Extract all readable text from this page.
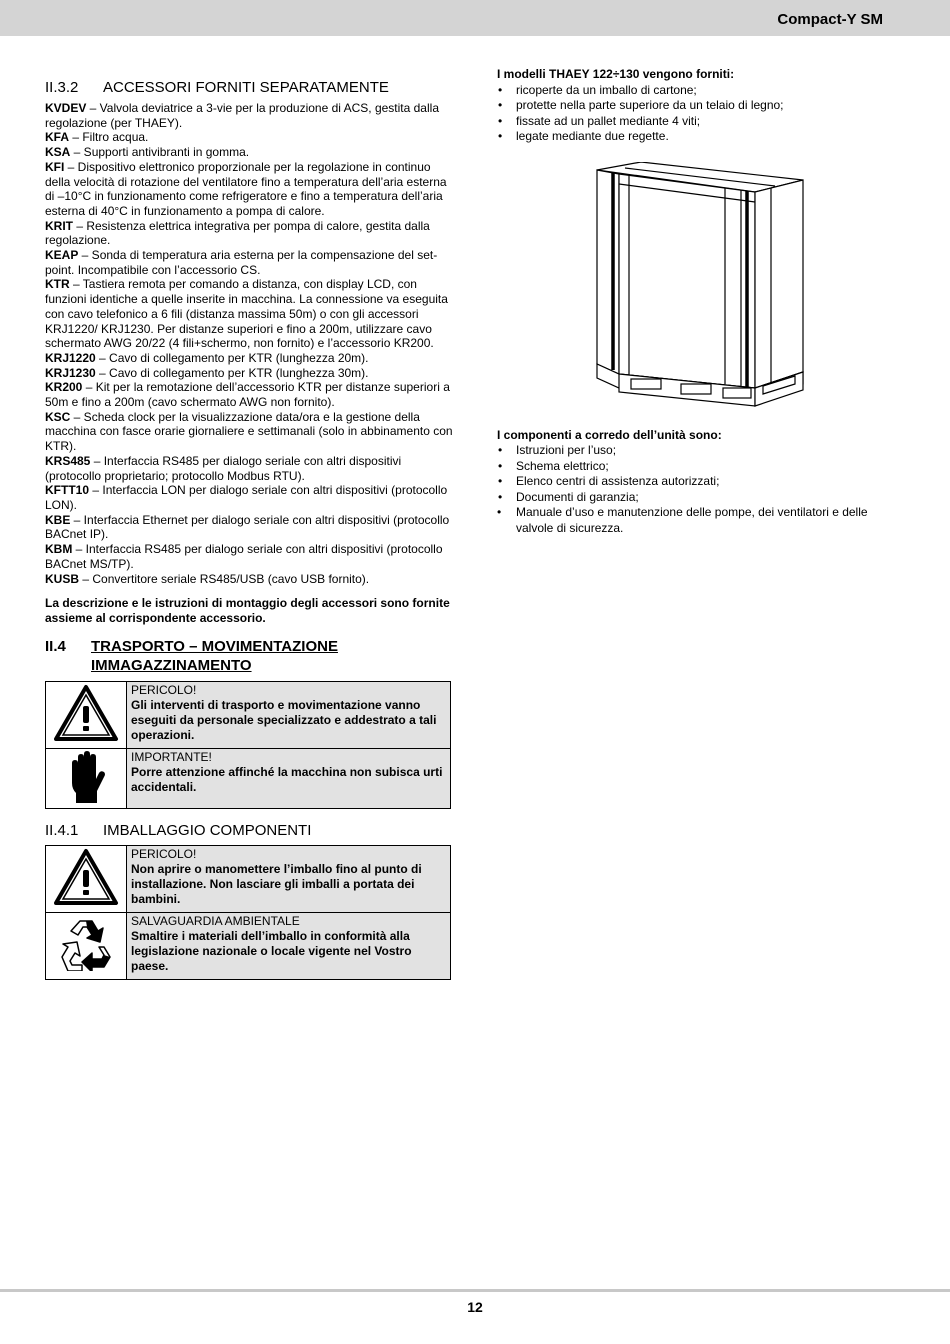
Compact-Y SM
II.3.2 ACCESSORI FORNITI SEPARATAMENTE

KVDEV – Valvola deviatrice a 3-vie per la produzione di ACS, gestita dalla regolazione (per THAEY).

KFA – Filtro acqua.

KSA – Supporti antivibranti in gomma.

KFI – Dispositivo elettronico proporzionale per la regolazione in continuo della velocità di rotazione del ventilatore fino a temperatura dell’aria esterna di –10°C in funzionamento come refrigeratore e fino a temperatura dell’aria esterna di 40°C in funzionamento a pompa di calore.

KRIT – Resistenza elettrica integrativa per pompa di calore, gestita dalla regolazione.

KEAP – Sonda di temperatura aria esterna per la compensazione del set-point. Incompatibile con l’accessorio CS.

KTR – Tastiera remota per comando a distanza, con display LCD, con funzioni identiche a quelle inserite in macchina. La connessione va eseguita con cavo telefonico a 6 fili (distanza massima 50m) o con gli accessori KRJ1220/ KRJ1230. Per distanze superiori e fino a 200m, utilizzare cavo schermato AWG 20/22 (4 fili+schermo, non fornito) e l’accessorio KR200.

KRJ1220 – Cavo di collegamento per KTR (lunghezza 20m).

KRJ1230 – Cavo di collegamento per KTR (lunghezza 30m).

KR200 – Kit per la remotazione dell’accessorio KTR per distanze superiori a 50m e fino a 200m (cavo schermato AWG non fornito).

KSC – Scheda clock per la visualizzazione data/ora e la gestione della macchina con fasce orarie giornaliere e settimanali (solo in abbinamento con KTR).

KRS485 – Interfaccia RS485 per dialogo seriale con altri dispositivi (protocollo proprietario; protocollo Modbus RTU).

KFTT10 – Interfaccia LON per dialogo seriale con altri dispositivi (protocollo LON).

KBE – Interfaccia Ethernet per dialogo seriale con altri dispositivi (protocollo BACnet IP).

KBM – Interfaccia RS485 per dialogo seriale con altri dispositivi (protocollo BACnet MS/TP).

KUSB – Convertitore seriale RS485/USB (cavo USB fornito).

La descrizione e le istruzioni di montaggio degli accessori sono fornite assieme al corrispondente accessorio.

II.4	TRASPORTO – MOVIMENTAZIONE
IMMAGAZZINAMENTO
	PERICOLO!
Gli interventi di trasporto e movimentazione vanno eseguiti da personale specializzato e addestrato a tali operazioni.
	IMPORTANTE!
Porre attenzione affinché la macchina non subisca urti accidentali.
II.4.1 IMBALLAGGIO COMPONENTI
	PERICOLO!
Non aprire o manomettere l’imballo fino al punto di installazione. Non lasciare gli imballi a portata dei bambini.
	SALVAGUARDIA AMBIENTALE
Smaltire i materiali dell’imballo in conformità alla legislazione nazionale o locale vigente nel Vostro paese.

I modelli THAEY 122÷130 vengono forniti:

• ricoperte da un imballo di cartone;
• protette nella parte superiore da un telaio di legno;
• fissate ad un pallet mediante 4 viti;
• legate mediante due regette.

I componenti a corredo dell’unità sono:

• Istruzioni per l’uso;
• Schema elettrico;
• Elenco centri di assistenza autorizzati;
• Documenti di garanzia;
• Manuale d’uso e manutenzione delle pompe, dei ventilatori e delle valvole di sicurezza.
12
